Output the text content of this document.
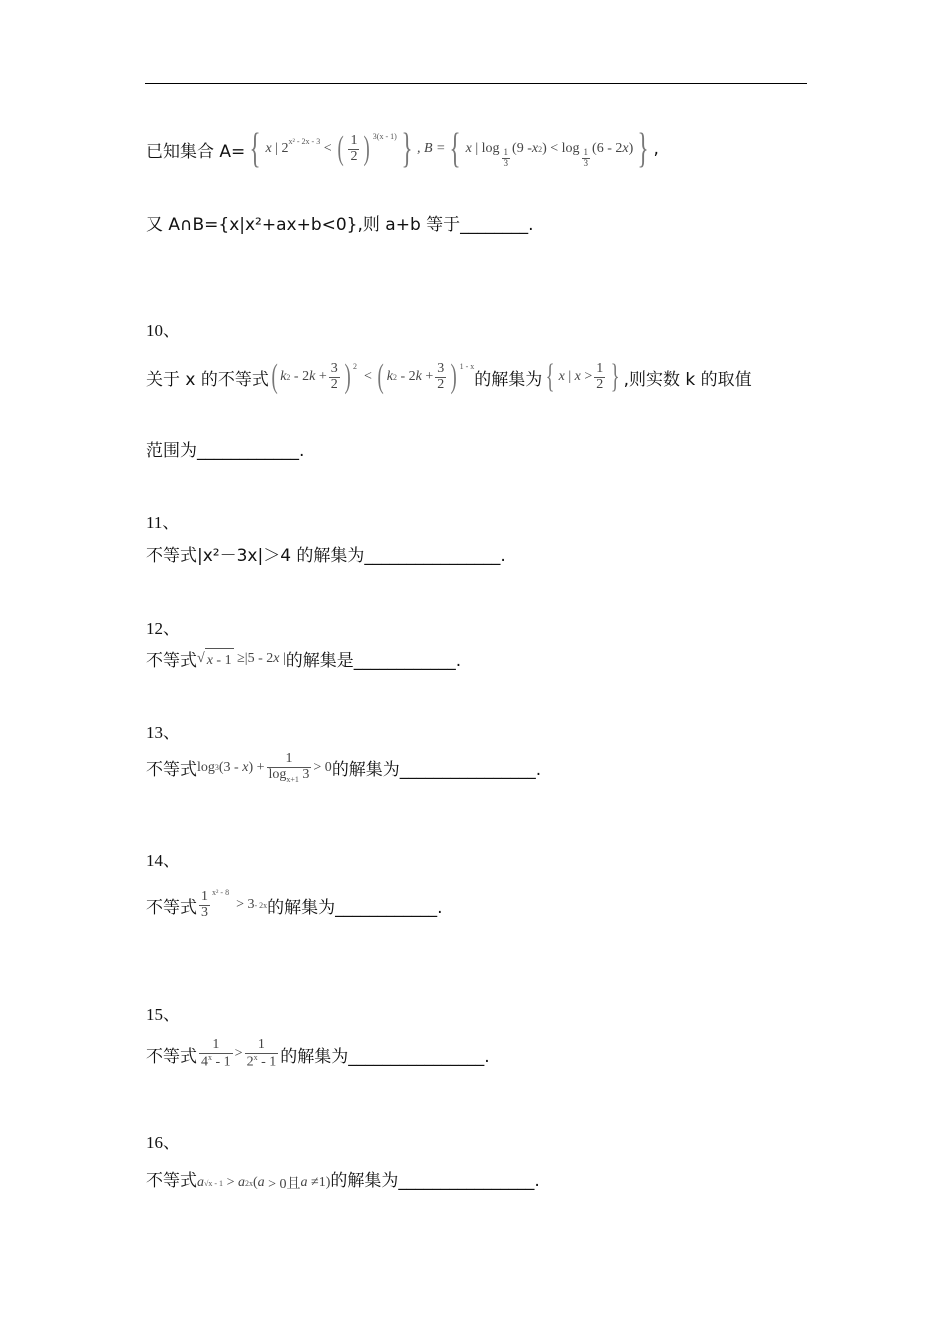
已知集合 A= { x | 2 x² - 2x - 3 < ( $\frac{1}{2}$ ) 3(x - 1) } , B = { x | $\log \frac{1}{3} (9$ - x 2 ) < $\log \frac{1}{3} (6 - 2$ x ) } ,
又 A∩B={x|x²+ax+b<0},则 a+b 等于________.
10、
关于 x 的不等式 ( k 2 - 2 $k + \frac{3}{2}$ ) 2
< ( k 2 - 2 $k + \frac{3}{2}$ ) 1 - x
的解集为 { x | $x > \frac{1}{2}$ } ,则实数 k 的取值
范围为____________.
11、
不等式|x²－3x|＞4 的解集为________________.
12、
不等式 √ x - 1 ≥|5 - 2 x | 的解集是____________.
13、
不等式 log 3 (3 - x ) + $\frac{1}{\log_{x+1} 3} > 0$ 的解集为________________.
14、
不等式 $\frac{1}{3} x^2 - 8$
> 3 - 2x 的解集为____________.
15、
不等式 $\frac{1}{4^x - 1} > \frac{1}{2^x - 1}$ 的解集为________________.
16、
不等式 a √x - 1 > a 2x ( a > 0且 a ≠1) 的解集为________________.
